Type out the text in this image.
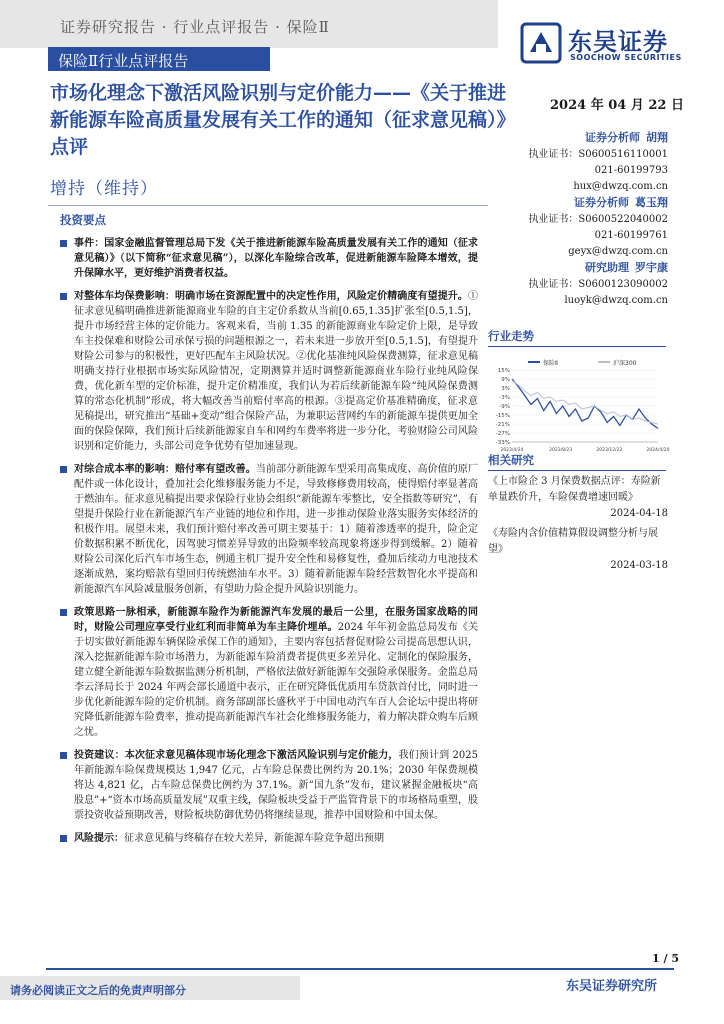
证券研究报告 · 行业点评报告 · 保险Ⅱ
保险Ⅱ行业点评报告
东吴证券
SOOCHOW SECURITIES
市场化理念下激活风险识别与定价能力——《关于推进新能源车险高质量发展有关工作的通知（征求意见稿）》点评
增持（维持）
2024 年 04 月 22 日
证券分析师 胡翔
执业证书：S0600516110001
021-60199793
hux@dwzq.com.cn
证券分析师 葛玉翔
执业证书：S0600522040002
021-60199761
geyx@dwzq.com.cn
研究助理 罗宇康
执业证书：S0600123090002
luoyk@dwzq.com.cn
投资要点
事件：国家金融监督管理总局下发《关于推进新能源车险高质量发展有关工作的通知（征求意见稿）》（以下简称“征求意见稿”），以深化车险综合改革，促进新能源车险降本增效，提升保障水平，更好维护消费者权益。
对整体车均保费影响：明确市场在资源配置中的决定性作用，风险定价精确度有望提升。①征求意见稿明确推进新能源商业车险的自主定价系数从当前[0.65,1.35]扩张至[0.5,1.5]，提升市场经营主体的定价能力。客观来看，当前 1.35 的新能源商业车险定价上限，是导致车主投保难和财险公司承保亏损的问题根源之一，若未来进一步放开至[0.5,1.5]，有望提升财险公司参与的积极性，更好匹配车主风险状况。②优化基准纯风险保费测算，征求意见稿明确支持行业根据市场实际风险情况，定期测算并适时调整新能源商业车险行业纯风险保费，优化新车型的定价标准，提升定价精准度，我们认为若后续新能源车险“纯风险保费测算的常态化机制”形成，将大幅改善当前赔付率高的根源。③提高定价基准精确度，征求意见稿提出，研究推出“基础+变动”组合保险产品，为兼职运营网约车的新能源车提供更加全面的保险保障，我们预计后续新能源家自车和网约车费率将进一步分化，考验财险公司风险识别和定价能力，头部公司竞争优势有望加速显现。
对综合成本率的影响：赔付率有望改善。当前部分新能源车型采用高集成度、高价值的原厂配件或一体化设计，叠加社会化维修服务能力不足，导致修修费用较高，使得赔付率显著高于燃油车。征求意见稿提出要求保险行业协会组织“新能源车零整比，安全指数等研究”，有望提升保险行业在新能源汽车产业链的地位和作用，进一步推动保险业落实服务实体经济的积极作用。展望未来，我们预计赔付率改善可期主要基于：1）随着渗透率的提升，险企定价数据积累不断优化，因驾驶习惯差异导致的出险频率较高现象将逐步得到缓解。2）随着财险公司深化后汽车市场生态，例通主机厂提升安全性和易修复性，叠加后续动力电池技术逐渐成熟，案均赔款有望回归传统燃油车水平。3）随着新能源车险经营数智化水平提高和新能源汽车风险减量服务创新，有望助力险企提升风险识别能力。
政策思路一脉相承，新能源车险作为新能源汽车发展的最后一公里，在服务国家战略的同时，财险公司理应享受行业红利而非简单为车主降价埋单。2024 年年初金监总局发布《关于切实做好新能源车辆保险承保工作的通知》，主要内容包括督促财险公司提高思想认识，深入挖掘新能源车险市场潜力，为新能源车险消费者提供更多差异化、定制化的保险服务，建立健全新能源车险数据监测分析机制，严格依法做好新能源车交强险承保服务。金监总局李云泽局长于 2024 年两会部长通道中表示，正在研究降低优质用车贷款首付比，同时进一步优化新能源车险的定价机制。商务部副部长盛秋平于中国电动汽车百人会论坛中提出将研究降低新能源车险费率，推动提高新能源汽车社会化维修服务能力，着力解决群众购车后顾之忧。
投资建议：本次征求意见稿体现市场化理念下激活风险识别与定价能力，我们预计到 2025 年新能源车险保费规模达 1,947 亿元，占车险总保费比例约为 20.1%；2030 年保费规模将达 4,821 亿，占车险总保费比例约为 37.1%。新“国九条”发布，建议紧握金融板块“高股息”+“资本市场高质量发展”双重主线，保险板块受益于严监管背景下的市场格局重塑，股票投资收益预期改善，财险板块防御优势仍将继续显现，推荐中国财险和中国太保。
风险提示：征求意见稿与终稿存在较大差异，新能源车险竞争超出预期
行业走势
保险Ⅱ	沪深300
15%
9%
3%
-3%
-9%
-15%
-21%
-27%
-33%
2023/4/24	2023/8/23	2023/12/22	2024/4/20
相关研究
《上市险企 3 月保费数据点评：寿险新单量跌价升，车险保费增速回暖》
2024-04-18
《寿险内含价值精算假设调整分析与展望》
2024-03-18
1 / 5
请务必阅读正文之后的免责声明部分	东吴证券研究所
